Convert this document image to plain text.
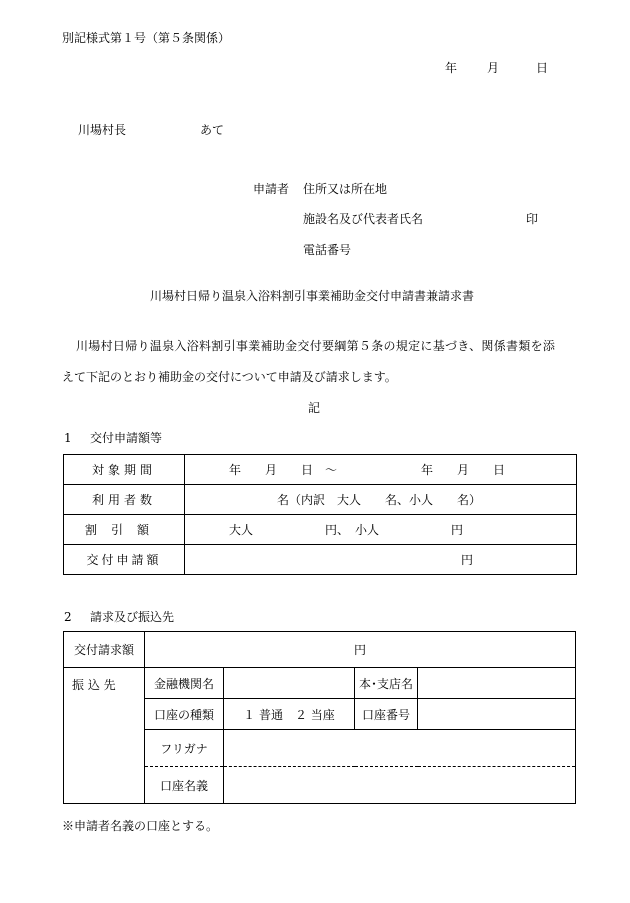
別記様式第１号（第５条関係）
年 月	日
川場村長	あて
申請者 住所又は所在地
施設名及び代表者氏名	印
電話番号
川場村日帰り温泉入浴料割引事業補助金交付申請書兼請求書
川場村日帰り温泉入浴料割引事業補助金交付要綱第５条の規定に基づき、関係書類を添
えて下記のとおり補助金の交付について申請及び請求します。
記
1 交付申請額等
対象期間	年　　月　　日　～　　　　　　　年　　月　　日
利用者数	名（内訳　大人　　名、小人　　名）
割引額	大人　　　　　　円、　小人　　　　　　円
交付申請額	円
2 請求及び振込先
交付請求額	円			
振 込 先	金融機関名		本･支店名	
	口座の種類	１ 普通　２ 当座	口座番号	
	フリガナ			
	口座名義			
※申請者名義の口座とする。
